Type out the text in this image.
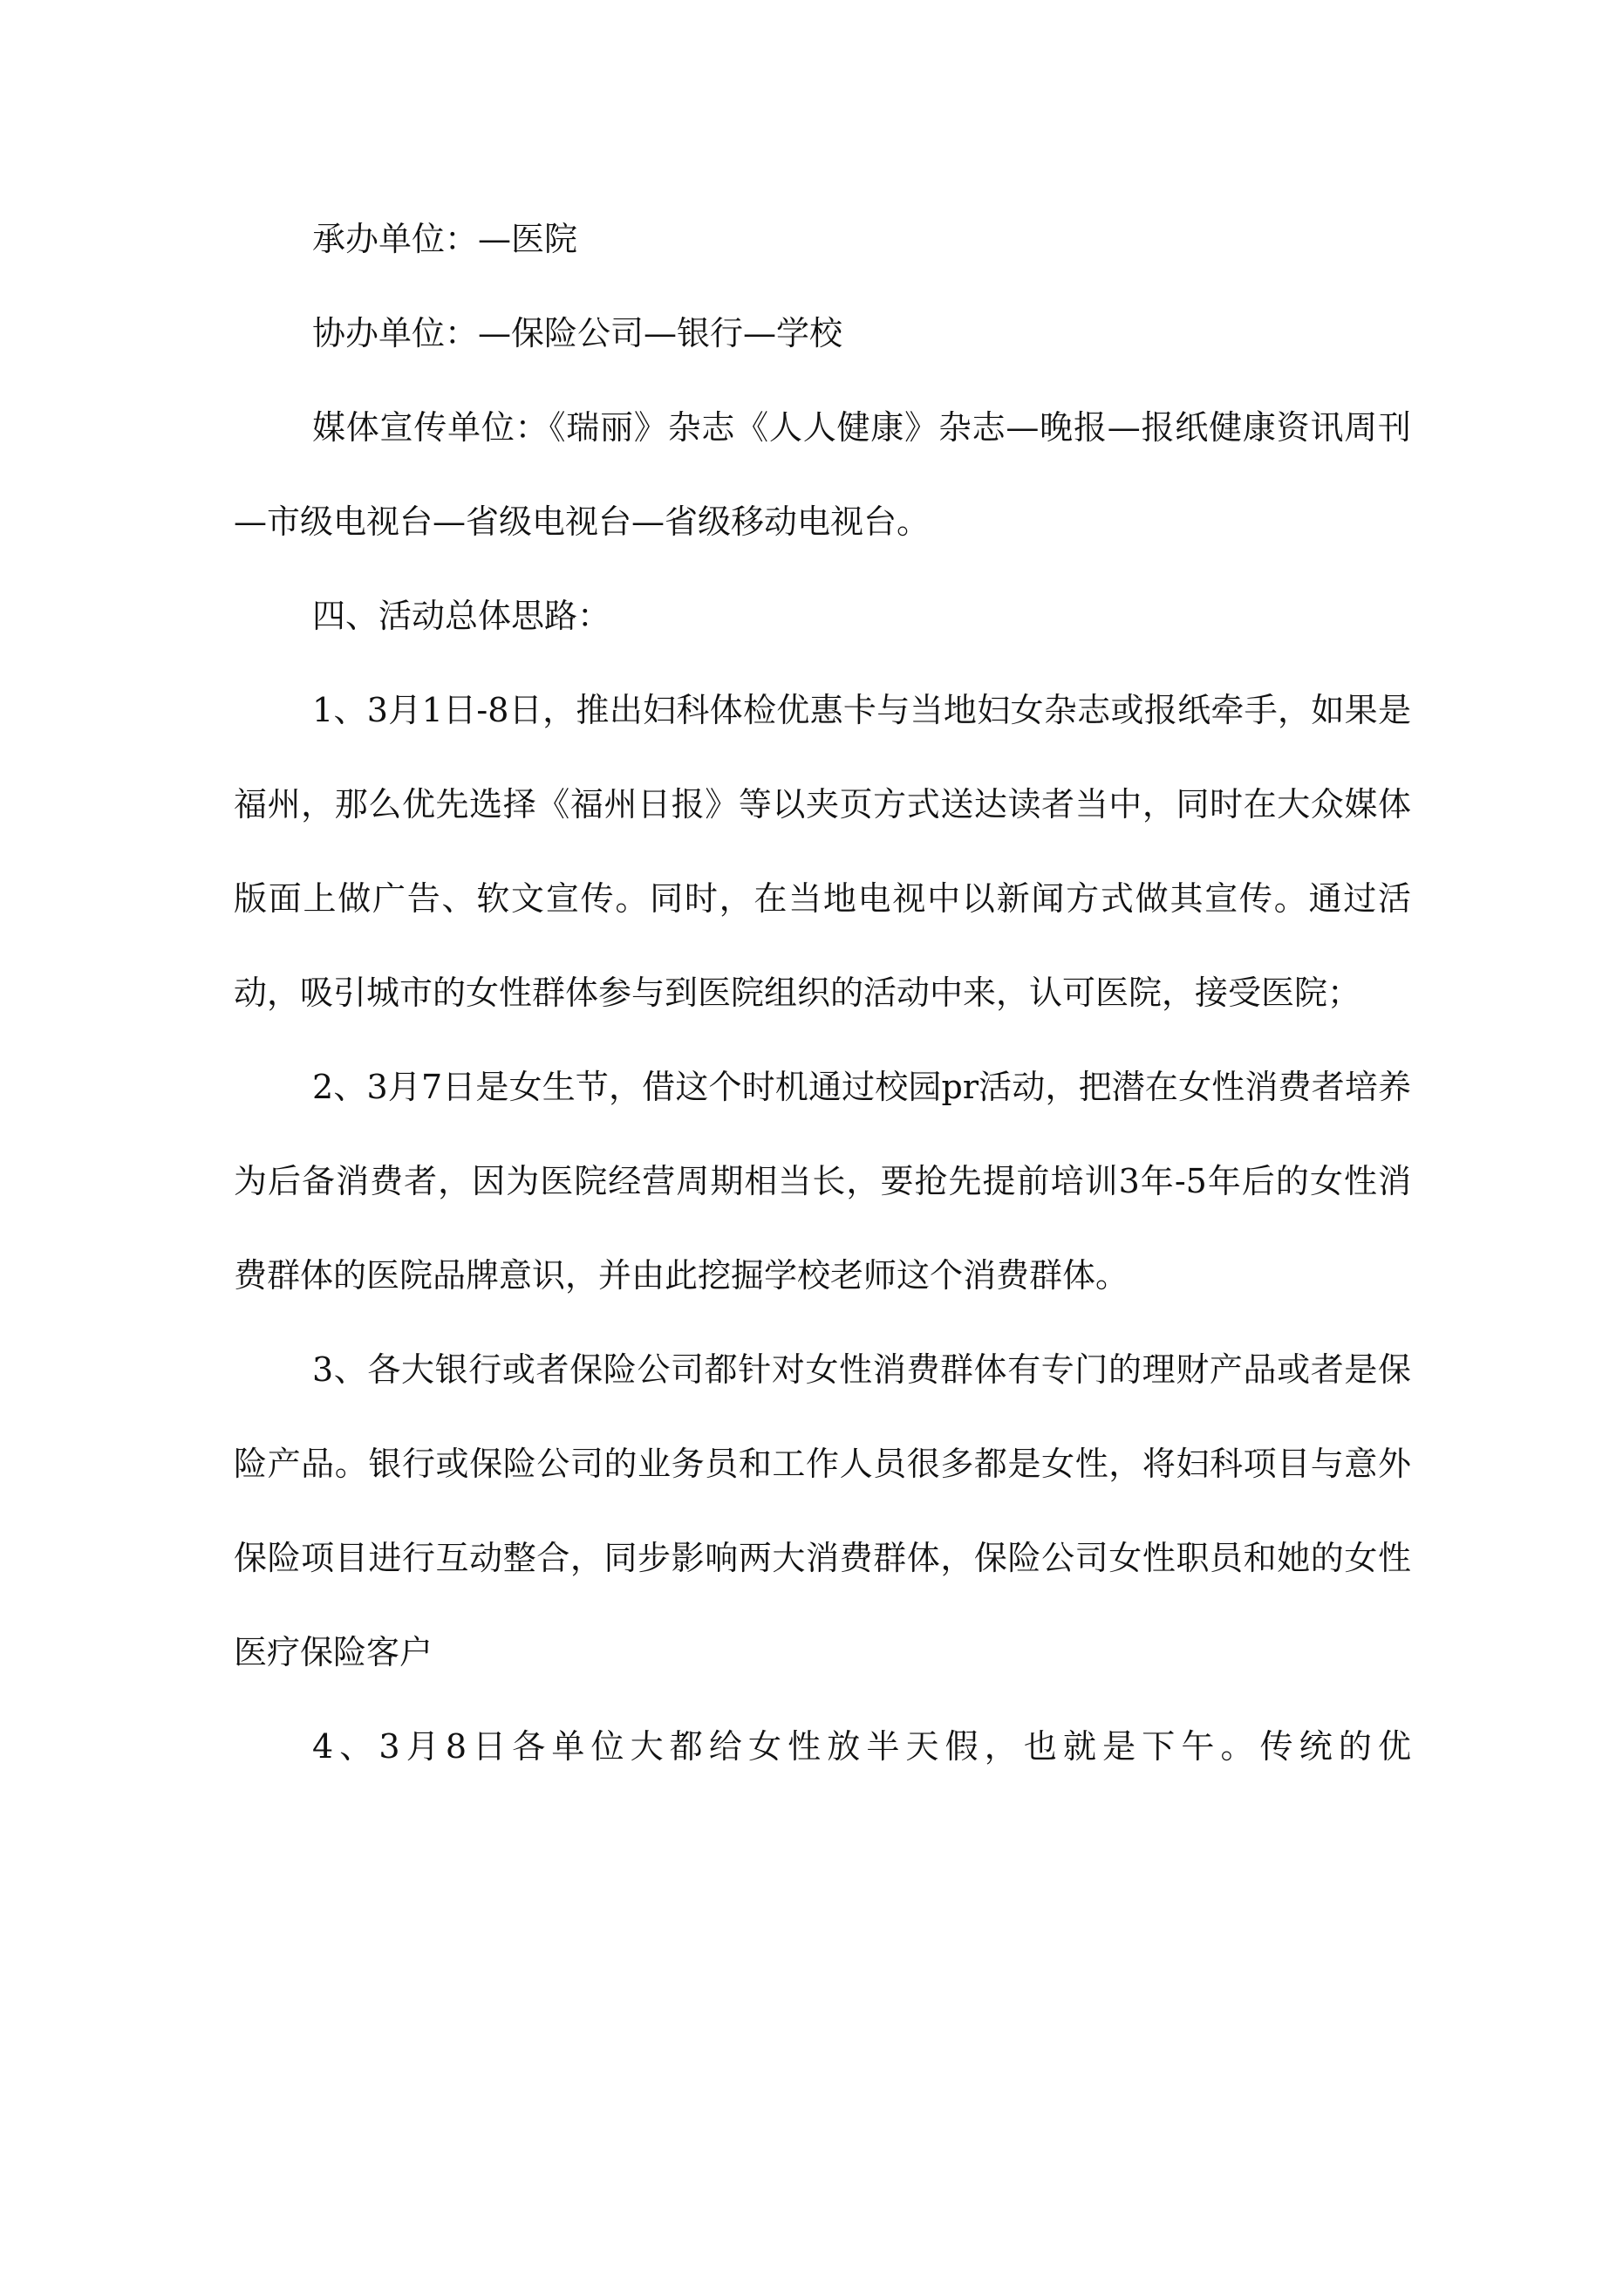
承办单位：—医院

协办单位：—保险公司—银行—学校

媒体宣传单位：《瑞丽》杂志《人人健康》杂志—晚报—报纸健康资讯周刊—市级电视台—省级电视台—省级移动电视台。

四、活动总体思路：

1、3月1日-8日，推出妇科体检优惠卡与当地妇女杂志或报纸牵手，如果是福州，那么优先选择《福州日报》等以夹页方式送达读者当中，同时在大众媒体版面上做广告、软文宣传。同时，在当地电视中以新闻方式做其宣传。通过活动，吸引城市的女性群体参与到医院组织的活动中来，认可医院，接受医院；

2、3月7日是女生节，借这个时机通过校园pr活动，把潜在女性消费者培养为后备消费者，因为医院经营周期相当长，要抢先提前培训3年-5年后的女性消费群体的医院品牌意识，并由此挖掘学校老师这个消费群体。

3、各大银行或者保险公司都针对女性消费群体有专门的理财产品或者是保险产品。银行或保险公司的业务员和工作人员很多都是女性，将妇科项目与意外保险项目进行互动整合，同步影响两大消费群体，保险公司女性职员和她的女性医疗保险客户

4、3月8日各单位大都给女性放半天假，也就是下午。传统的优
